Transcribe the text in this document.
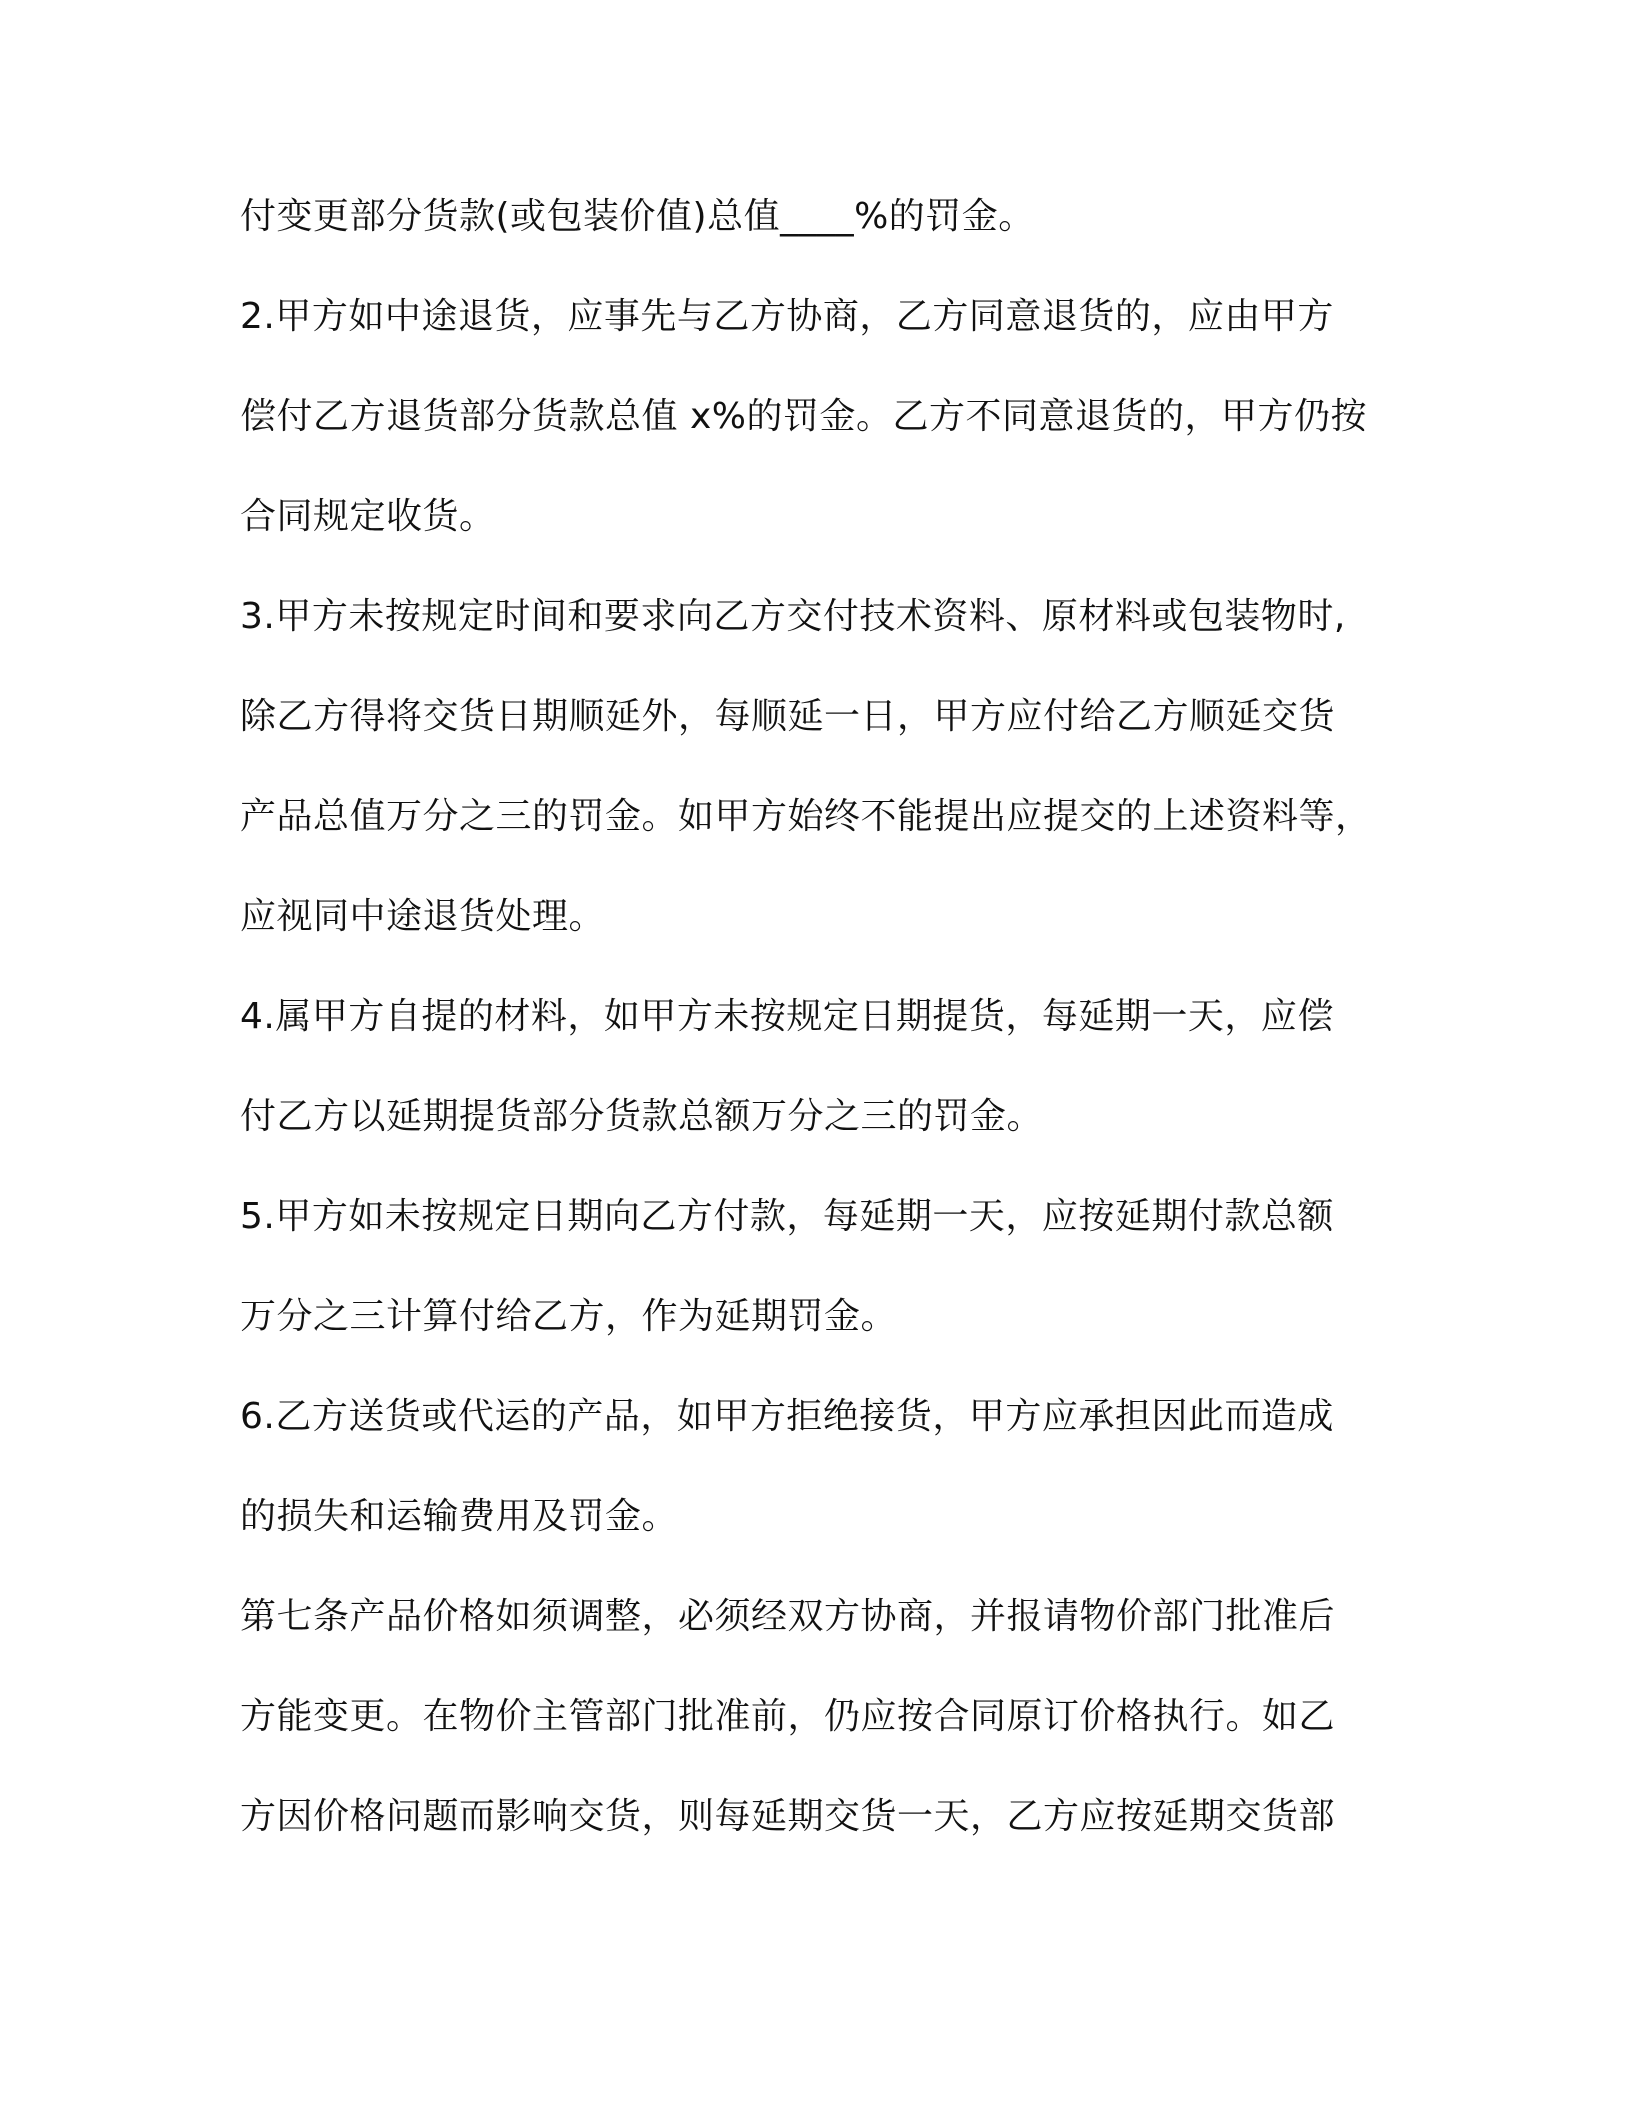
付变更部分货款(或包装价值)总值____%的罚金。
2.甲方如中途退货，应事先与乙方协商，乙方同意退货的，应由甲方
偿付乙方退货部分货款总值 x%的罚金。乙方不同意退货的，甲方仍按
合同规定收货。
3.甲方未按规定时间和要求向乙方交付技术资料、原材料或包装物时,
除乙方得将交货日期顺延外，每顺延一日，甲方应付给乙方顺延交货
产品总值万分之三的罚金。如甲方始终不能提出应提交的上述资料等，
应视同中途退货处理。
4.属甲方自提的材料，如甲方未按规定日期提货，每延期一天，应偿
付乙方以延期提货部分货款总额万分之三的罚金。
5.甲方如未按规定日期向乙方付款，每延期一天，应按延期付款总额
万分之三计算付给乙方，作为延期罚金。
6.乙方送货或代运的产品，如甲方拒绝接货，甲方应承担因此而造成
的损失和运输费用及罚金。
第七条产品价格如须调整，必须经双方协商，并报请物价部门批准后
方能变更。在物价主管部门批准前，仍应按合同原订价格执行。如乙
方因价格问题而影响交货，则每延期交货一天，乙方应按延期交货部
